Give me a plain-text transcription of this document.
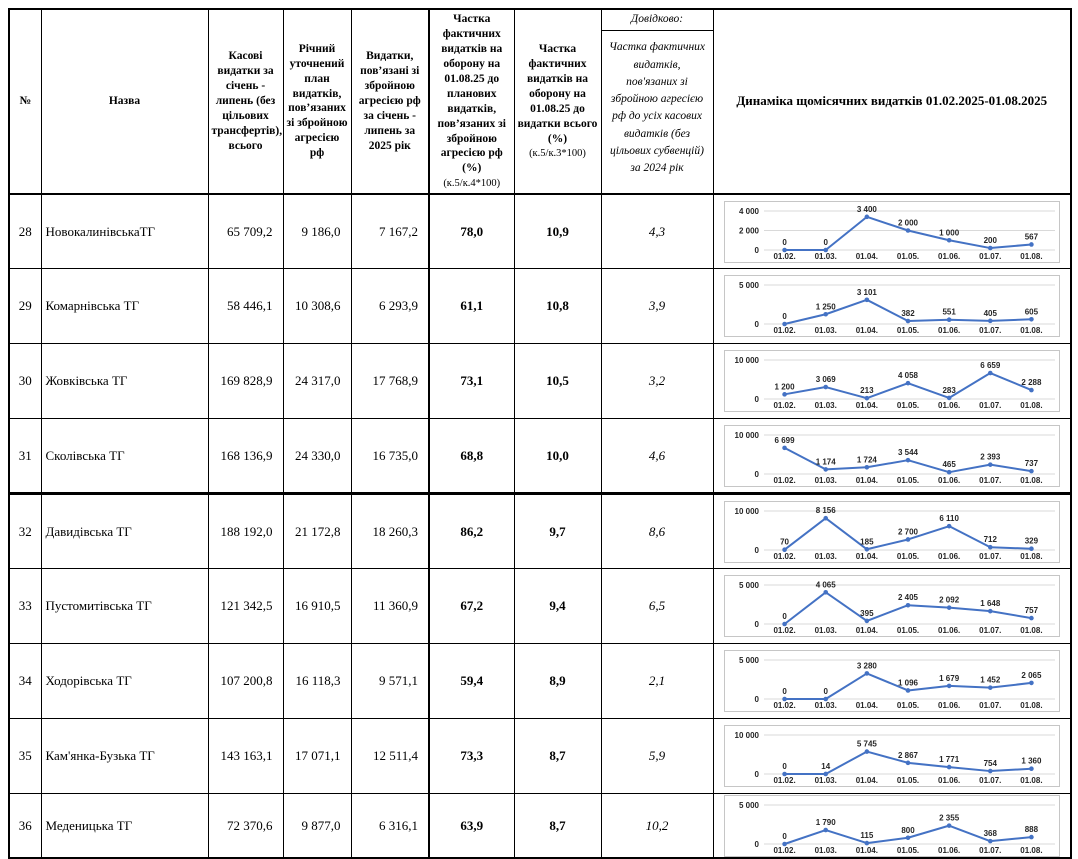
№	Назва	Касові видатки за січень - липень (без цільових трансфертів), всього	Річний уточнений план видатків, пов’язаних зі збройною агресією рф	Видатки, пов’язані зі збройною агресією рф за січень - липень за 2025 рік	Частка фактичних видатків на оборону на 01.08.25 до планових видатків, пов’язаних зі збройною агресією рф (%)
(к.5/к.4*100)
	Частка фактичних видатків на оборону на 01.08.25 до видатки всього (%)
(к.5/к.3*100)

Довідково:
Частка фактичних видатків, пов'язаних зі збройною агресією рф до усіх касових видатків (без цільових субвенцій) за 2024 рік
	Динаміка щомісячних видатків 01.02.2025-01.08.2025
28	НовокалинівськаТГ	65 709,2	9 186,0	7 167,2	78,0	10,9	4,3	
0
2 000
4 000
0
01.02.
0
01.03.
3 400
01.04.
2 000
01.05.
1 000
01.06.
200
01.07.
567
01.08.

29	Комарнівська ТГ	58 446,1	10 308,6	6 293,9	61,1	10,8	3,9	
0
5 000
0
01.02.
1 250
01.03.
3 101
01.04.
382
01.05.
551
01.06.
405
01.07.
605
01.08.

30	Жовківська ТГ	169 828,9	24 317,0	17 768,9	73,1	10,5	3,2	
0
10 000
1 200
01.02.
3 069
01.03.
213
01.04.
4 058
01.05.
283
01.06.
6 659
01.07.
2 288
01.08.

31	Сколівська ТГ	168 136,9	24 330,0	16 735,0	68,8	10,0	4,6	
0
10 000
6 699
01.02.
1 174
01.03.
1 724
01.04.
3 544
01.05.
465
01.06.
2 393
01.07.
737
01.08.

32	Давидівська ТГ	188 192,0	21 172,8	18 260,3	86,2	9,7	8,6	
0
10 000
70
01.02.
8 156
01.03.
185
01.04.
2 700
01.05.
6 110
01.06.
712
01.07.
329
01.08.

33	Пустомитівська ТГ	121 342,5	16 910,5	11 360,9	67,2	9,4	6,5	
0
5 000
0
01.02.
4 065
01.03.
395
01.04.
2 405
01.05.
2 092
01.06.
1 648
01.07.
757
01.08.

34	Ходорівська ТГ	107 200,8	16 118,3	9 571,1	59,4	8,9	2,1	
0
5 000
0
01.02.
0
01.03.
3 280
01.04.
1 096
01.05.
1 679
01.06.
1 452
01.07.
2 065
01.08.

35	Кам'янка-Бузька ТГ	143 163,1	17 071,1	12 511,4	73,3	8,7	5,9	
0
10 000
0
01.02.
14
01.03.
5 745
01.04.
2 867
01.05.
1 771
01.06.
754
01.07.
1 360
01.08.

36	Меденицька ТГ	72 370,6	9 877,0	6 316,1	63,9	8,7	10,2	
0
5 000
0
01.02.
1 790
01.03.
115
01.04.
800
01.05.
2 355
01.06.
368
01.07.
888
01.08.
